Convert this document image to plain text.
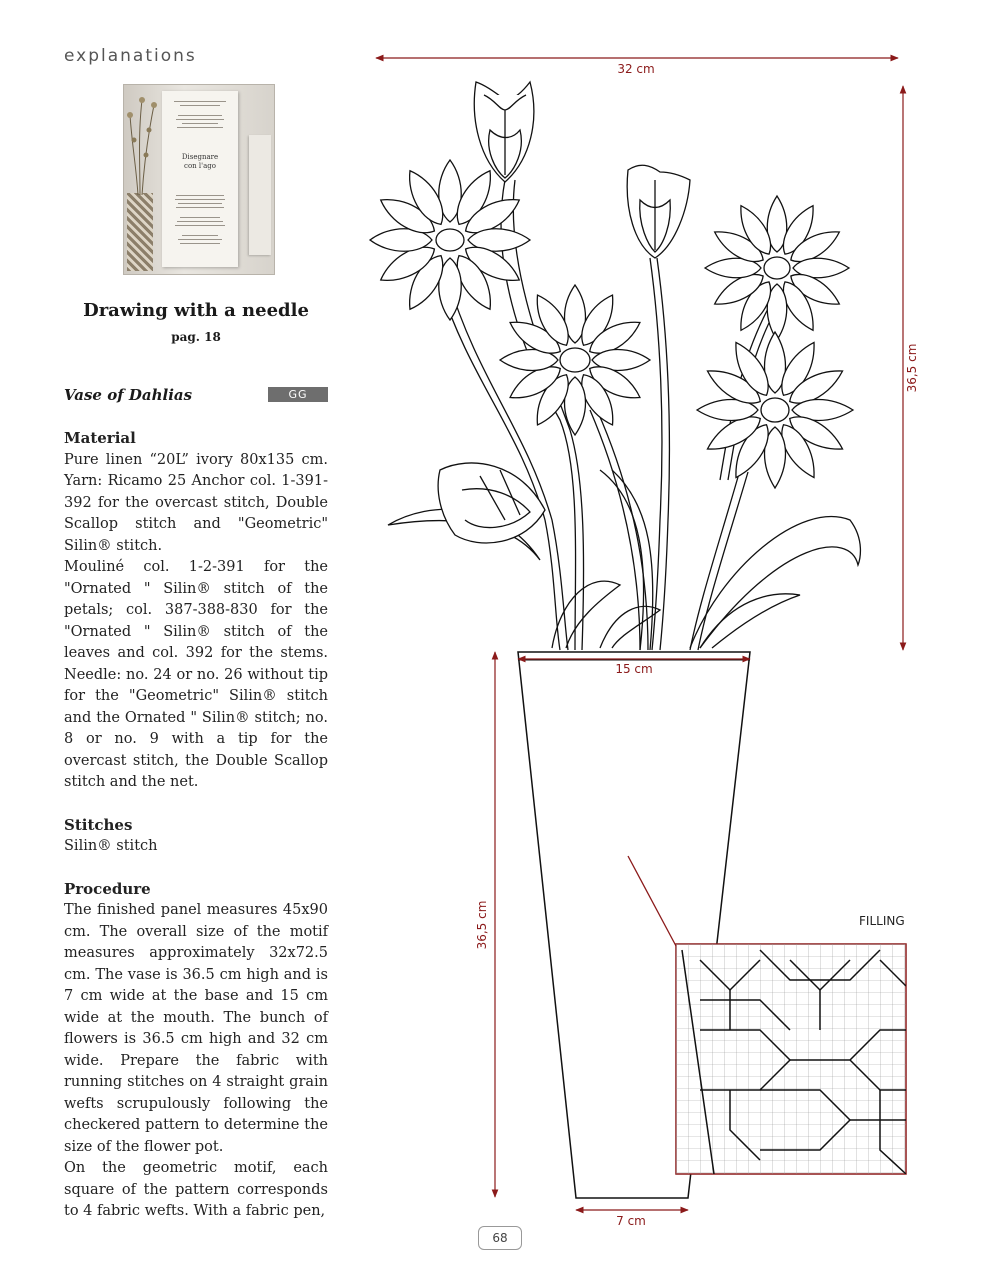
explanations
Disegnare
con l'ago
Drawing with a needle
pag. 18
Vase of Dahlias	GG
Material

Pure linen “20L” ivory 80x135 cm. Yarn: Ricamo 25 Anchor col. 1-391-392 for the overcast stitch, Double Scallop stitch and "Geometric" Silin® stitch.

Mouliné col. 1-2-391 for the "Ornated " Silin® stitch of the petals; col. 387-388-830 for the "Ornated " Silin® stitch of the leaves and col. 392 for the stems. Needle: no. 24 or no. 26 without tip for the "Geometric" Silin® stitch and the Ornated " Silin® stitch; no. 8 or no. 9 with a tip for the overcast stitch, the Double Scallop stitch and the net.

Stitches

Silin® stitch

Procedure

The finished panel measures 45x90 cm. The overall size of the motif measures approximately 32x72.5 cm. The vase is 36.5 cm high and is 7 cm wide at the base and 15 cm wide at the mouth. The bunch of flowers is 36.5 cm high and 32 cm wide. Prepare the fabric with running stitches on 4 straight grain wefts scrupulously following the checkered pattern to determine the size of the flower pot.

On the geometric motif, each square of the pattern corresponds to 4 fabric wefts. With a fabric pen,

32 cm
36,5 cm
15 cm
36,5 cm
7 cm
FILLING
68
